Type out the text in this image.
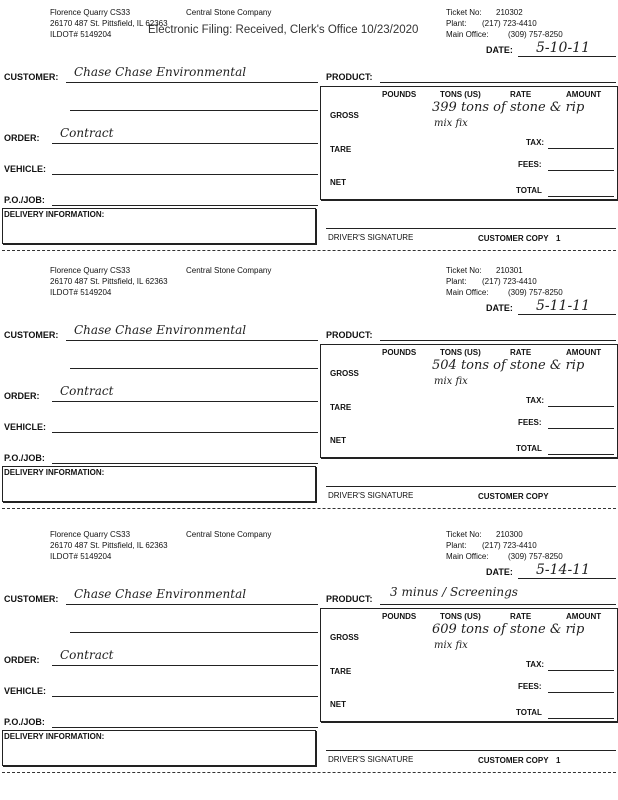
Electronic Filing: Received, Clerk's Office 10/23/2020
Florence Quarry CS33	Central Stone Company
26170 487 St. Pittsfield, IL 62363
ILDOT# 5149204
Ticket No: 210302
Plant: (217) 723-4410
Main Office: (309) 757-8250
DATE: 5-10-11
CUSTOMER: Chase Chase Environmental	PRODUCT:
ORDER: Contract
VEHICLE:
P.O./JOB:
DELIVERY INFORMATION:
POUNDS	TONS (US)	RATE	AMOUNT
GROSS
TARE
NET
399 tons of stone & rip
mix fix
TAX:
FEES:
TOTAL
DRIVER'S SIGNATURE	CUSTOMER COPY 1
Florence Quarry CS33	Central Stone Company
26170 487 St. Pittsfield, IL 62363
ILDOT# 5149204
Ticket No: 210301
Plant: (217) 723-4410
Main Office: (309) 757-8250
DATE: 5-11-11
CUSTOMER: Chase Chase Environmental	PRODUCT:
ORDER: Contract
VEHICLE:
P.O./JOB:
DELIVERY INFORMATION:
POUNDS	TONS (US)	RATE	AMOUNT
GROSS
TARE
NET
504 tons of stone & rip
mix fix
TAX:
FEES:
TOTAL
DRIVER'S SIGNATURE	CUSTOMER COPY
Florence Quarry CS33	Central Stone Company
26170 487 St. Pittsfield, IL 62363
ILDOT# 5149204
Ticket No: 210300
Plant: (217) 723-4410
Main Office: (309) 757-8250
DATE: 5-14-11
CUSTOMER: Chase Chase Environmental	PRODUCT: 3 minus / Screenings
ORDER: Contract
VEHICLE:
P.O./JOB:
DELIVERY INFORMATION:
POUNDS	TONS (US)	RATE	AMOUNT
GROSS
TARE
NET
609 tons of stone & rip
mix fix
TAX:
FEES:
TOTAL
DRIVER'S SIGNATURE	CUSTOMER COPY 1
